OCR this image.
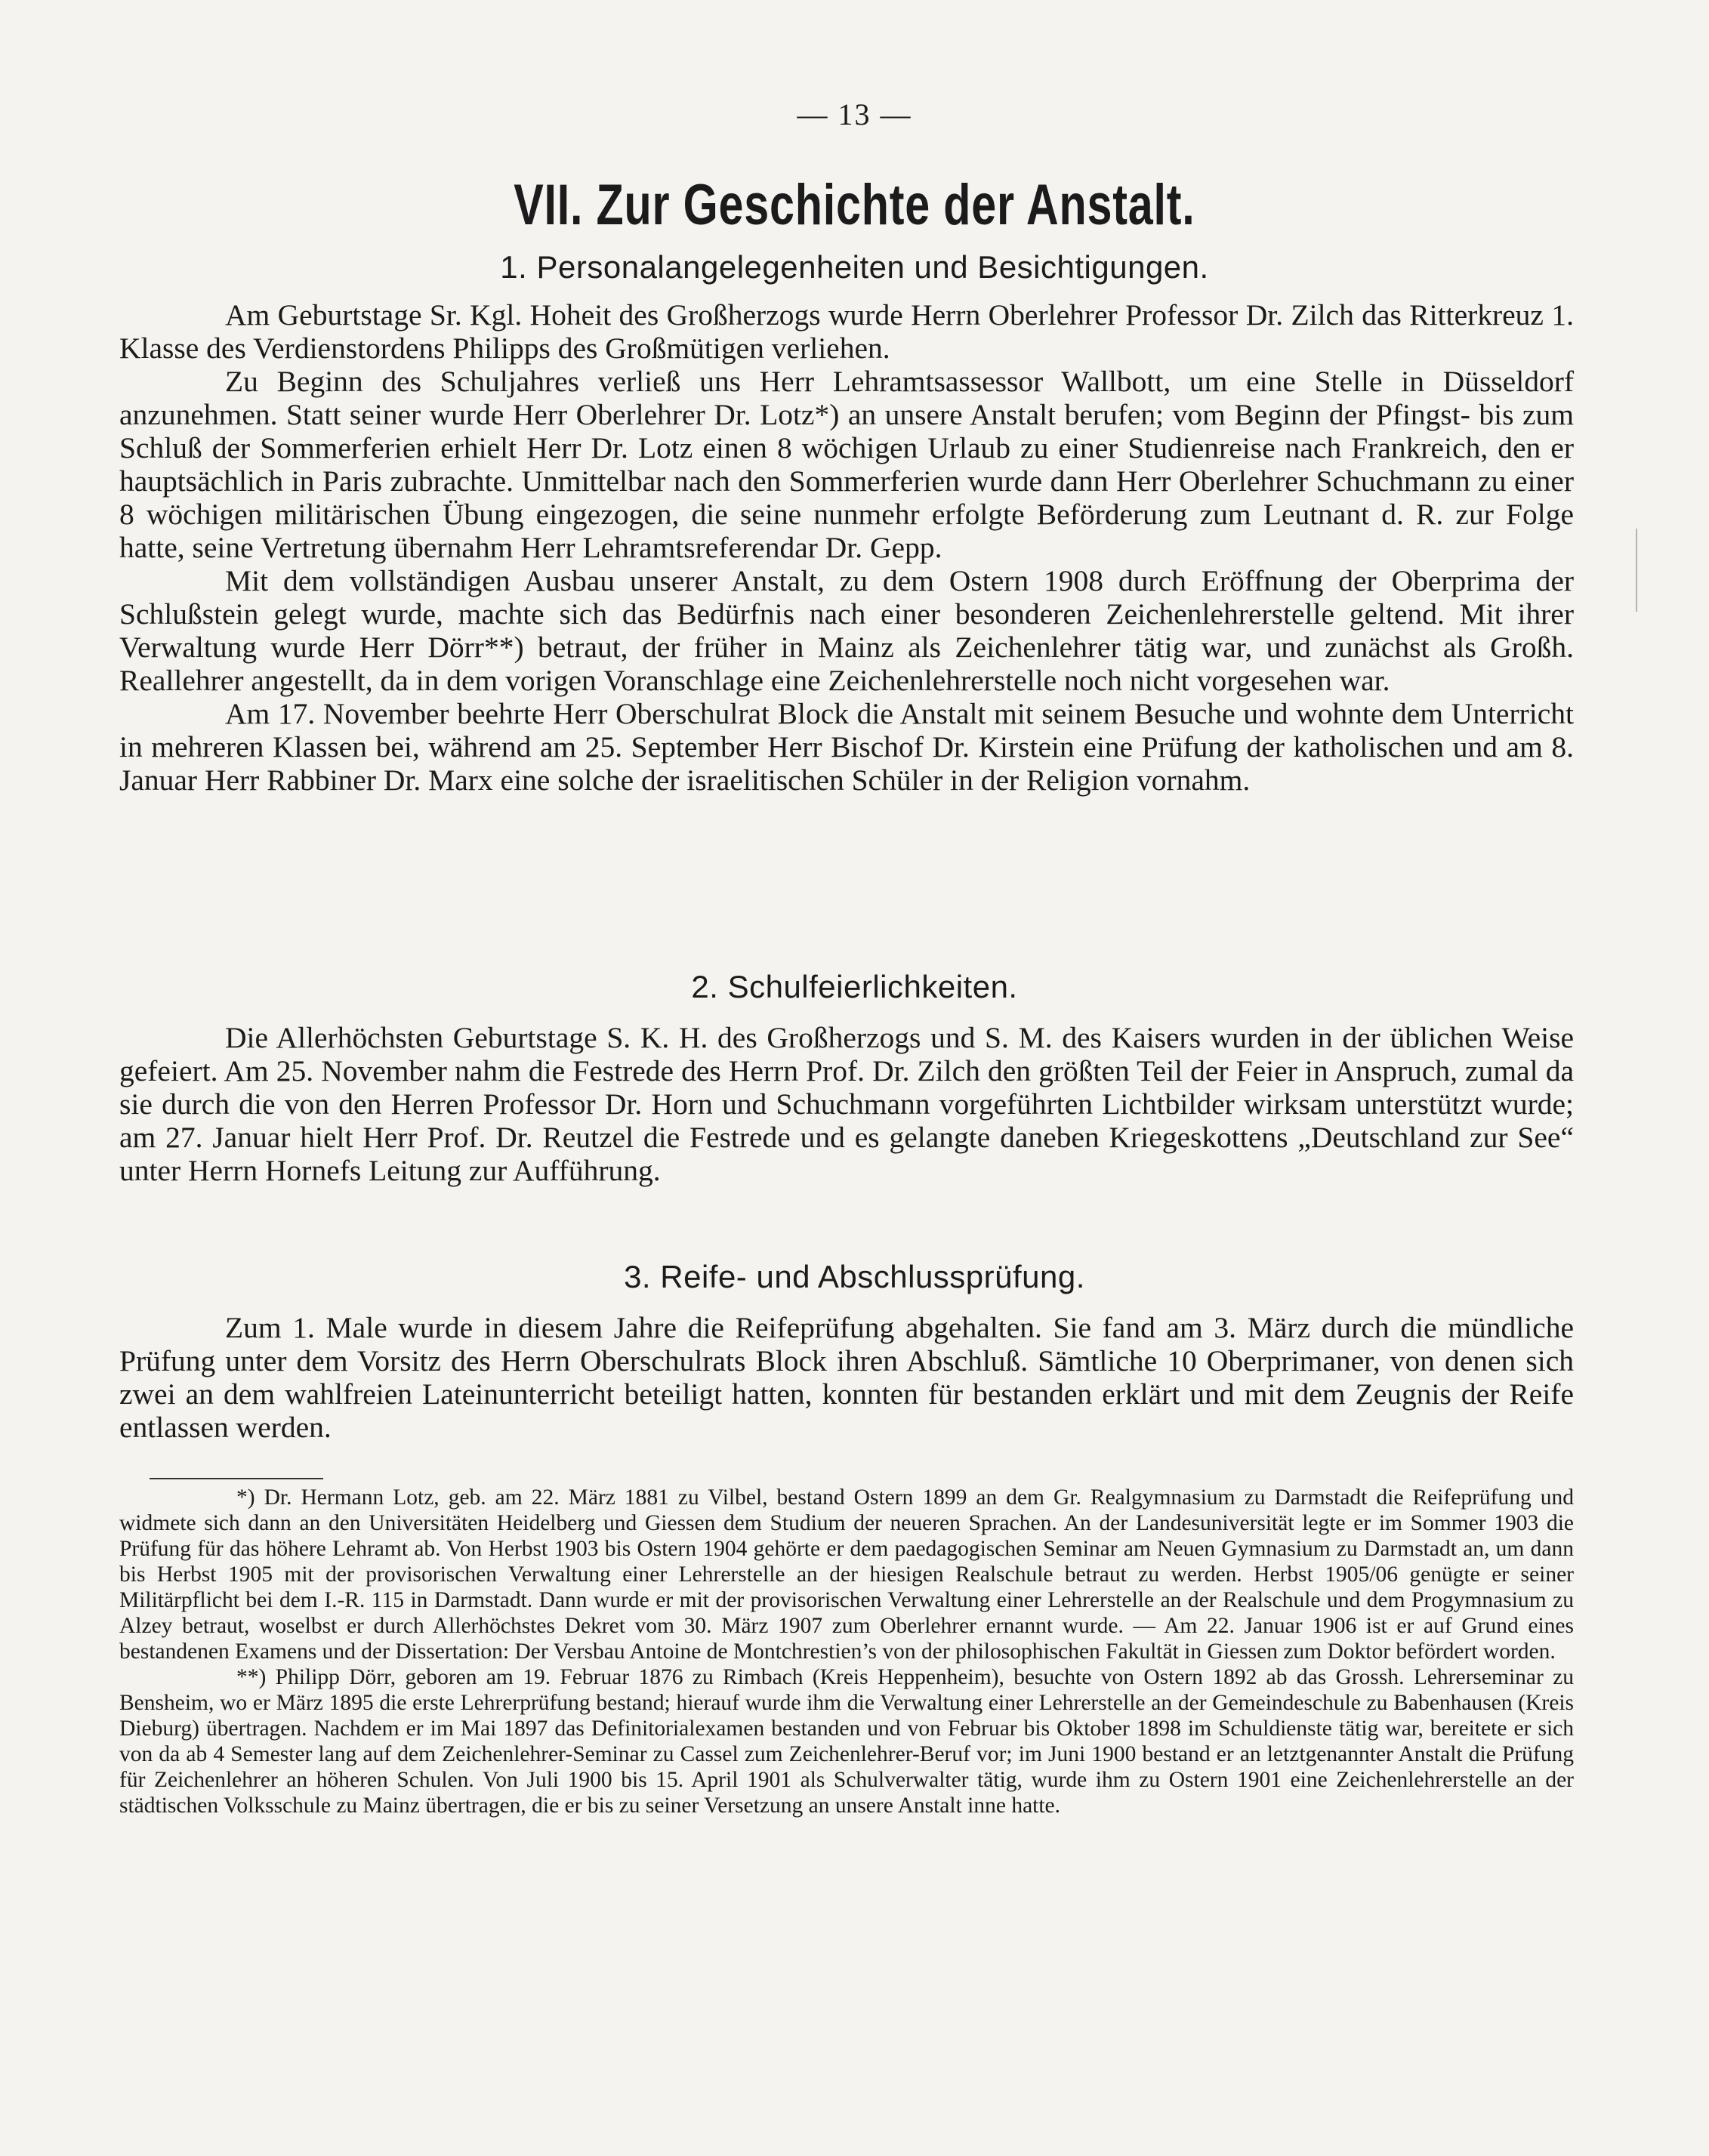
— 13 —
VII. Zur Geschichte der Anstalt.
1. Personalangelegenheiten und Besichtigungen.

Am Geburtstage Sr. Kgl. Hoheit des Großherzogs wurde Herrn Oberlehrer Professor Dr. Zilch das Ritterkreuz 1. Klasse des Verdienstordens Philipps des Großmütigen verliehen.

Zu Beginn des Schuljahres verließ uns Herr Lehramtsassessor Wallbott, um eine Stelle in Düsseldorf anzunehmen. Statt seiner wurde Herr Oberlehrer Dr. Lotz*) an unsere Anstalt berufen; vom Beginn der Pfingst- bis zum Schluß der Sommerferien erhielt Herr Dr. Lotz einen 8 wöchigen Urlaub zu einer Studienreise nach Frankreich, den er hauptsächlich in Paris zubrachte. Unmittelbar nach den Sommerferien wurde dann Herr Oberlehrer Schuchmann zu einer 8 wöchigen militärischen Übung eingezogen, die seine nunmehr erfolgte Beförderung zum Leutnant d. R. zur Folge hatte, seine Vertretung übernahm Herr Lehramtsreferendar Dr. Gepp.

Mit dem vollständigen Ausbau unserer Anstalt, zu dem Ostern 1908 durch Eröffnung der Oberprima der Schlußstein gelegt wurde, machte sich das Bedürfnis nach einer besonderen Zeichenlehrerstelle geltend. Mit ihrer Verwaltung wurde Herr Dörr**) betraut, der früher in Mainz als Zeichenlehrer tätig war, und zunächst als Großh. Reallehrer angestellt, da in dem vorigen Voranschlage eine Zeichenlehrerstelle noch nicht vorgesehen war.

Am 17. November beehrte Herr Oberschulrat Block die Anstalt mit seinem Besuche und wohnte dem Unterricht in mehreren Klassen bei, während am 25. September Herr Bischof Dr. Kirstein eine Prüfung der katholischen und am 8. Januar Herr Rabbiner Dr. Marx eine solche der israelitischen Schüler in der Religion vornahm.

2. Schulfeierlichkeiten.

Die Allerhöchsten Geburtstage S. K. H. des Großherzogs und S. M. des Kaisers wurden in der üblichen Weise gefeiert. Am 25. November nahm die Festrede des Herrn Prof. Dr. Zilch den größten Teil der Feier in Anspruch, zumal da sie durch die von den Herren Professor Dr. Horn und Schuchmann vorgeführten Lichtbilder wirksam unterstützt wurde; am 27. Januar hielt Herr Prof. Dr. Reutzel die Festrede und es gelangte daneben Kriegeskottens „Deutschland zur See“ unter Herrn Hornefs Leitung zur Aufführung.

3. Reife- und Abschlussprüfung.

Zum 1. Male wurde in diesem Jahre die Reifeprüfung abgehalten. Sie fand am 3. März durch die mündliche Prüfung unter dem Vorsitz des Herrn Oberschulrats Block ihren Abschluß. Sämtliche 10 Oberprimaner, von denen sich zwei an dem wahlfreien Lateinunterricht beteiligt hatten, konnten für bestanden erklärt und mit dem Zeugnis der Reife entlassen werden.

*) Dr. Hermann Lotz, geb. am 22. März 1881 zu Vilbel, bestand Ostern 1899 an dem Gr. Realgymnasium zu Darmstadt die Reifeprüfung und widmete sich dann an den Universitäten Heidelberg und Giessen dem Studium der neueren Sprachen. An der Landesuniversität legte er im Sommer 1903 die Prüfung für das höhere Lehramt ab. Von Herbst 1903 bis Ostern 1904 gehörte er dem paedagogischen Seminar am Neuen Gymnasium zu Darmstadt an, um dann bis Herbst 1905 mit der provisorischen Verwaltung einer Lehrerstelle an der hiesigen Realschule betraut zu werden. Herbst 1905/06 genügte er seiner Militärpflicht bei dem I.-R. 115 in Darmstadt. Dann wurde er mit der provisorischen Verwaltung einer Lehrerstelle an der Realschule und dem Progymnasium zu Alzey betraut, woselbst er durch Allerhöchstes Dekret vom 30. März 1907 zum Oberlehrer ernannt wurde. — Am 22. Januar 1906 ist er auf Grund eines bestandenen Examens und der Dissertation: Der Versbau Antoine de Montchrestien’s von der philosophischen Fakultät in Giessen zum Doktor befördert worden.

**) Philipp Dörr, geboren am 19. Februar 1876 zu Rimbach (Kreis Heppenheim), besuchte von Ostern 1892 ab das Grossh. Lehrerseminar zu Bensheim, wo er März 1895 die erste Lehrerprüfung bestand; hierauf wurde ihm die Verwaltung einer Lehrerstelle an der Gemeindeschule zu Babenhausen (Kreis Dieburg) übertragen. Nachdem er im Mai 1897 das Definitorialexamen bestanden und von Februar bis Oktober 1898 im Schuldienste tätig war, bereitete er sich von da ab 4 Semester lang auf dem Zeichenlehrer-Seminar zu Cassel zum Zeichenlehrer-Beruf vor; im Juni 1900 bestand er an letztgenannter Anstalt die Prüfung für Zeichenlehrer an höheren Schulen. Von Juli 1900 bis 15. April 1901 als Schulverwalter tätig, wurde ihm zu Ostern 1901 eine Zeichenlehrerstelle an der städtischen Volksschule zu Mainz übertragen, die er bis zu seiner Versetzung an unsere Anstalt inne hatte.
